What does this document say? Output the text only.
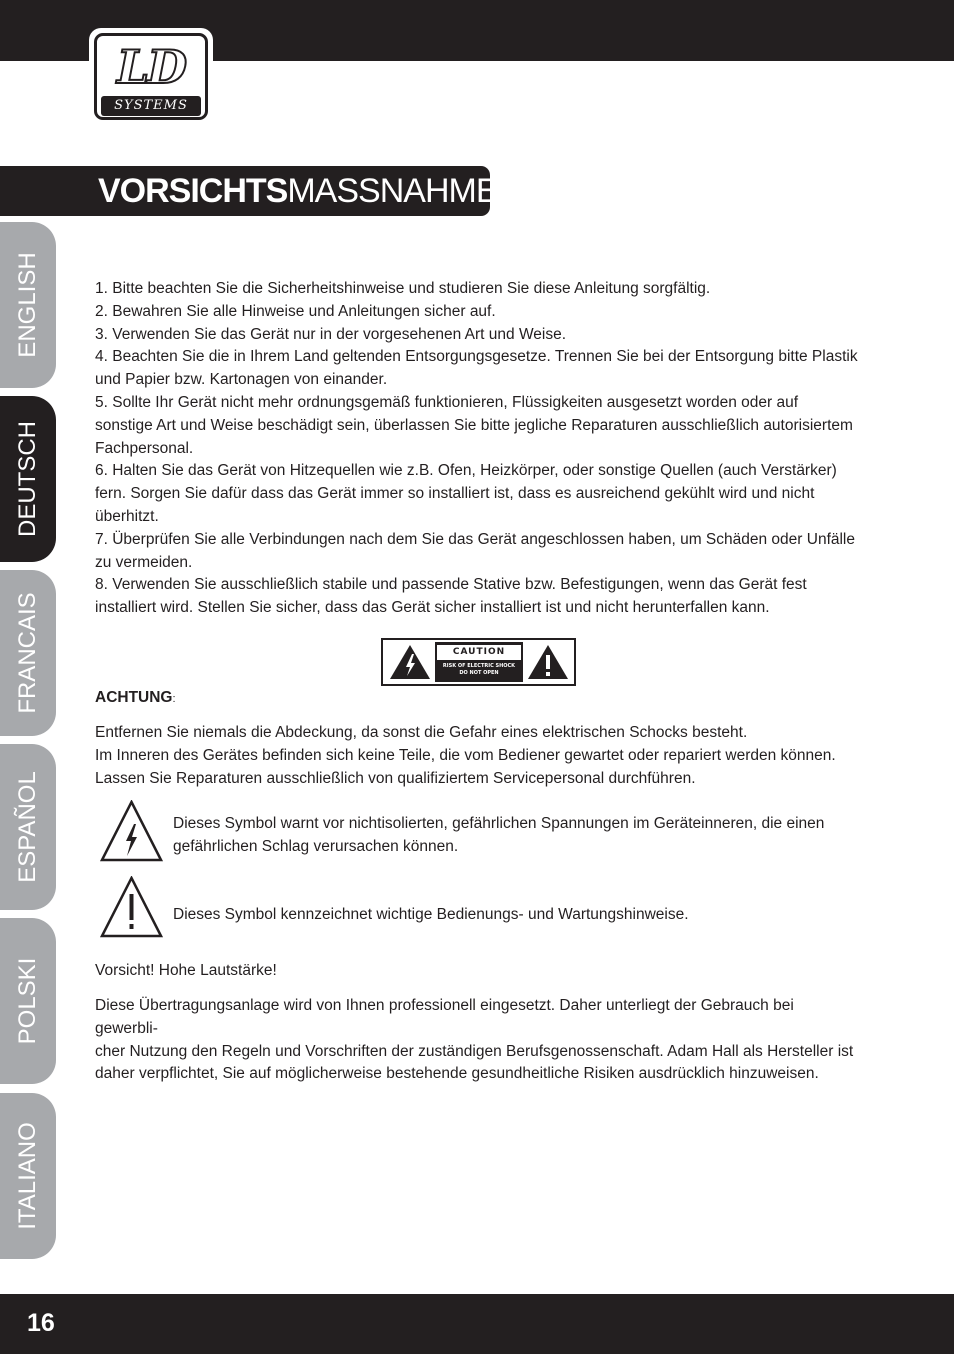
LD
SYSTEMS
VORSICHTSMASSNAHMEN:
ENGLISH
DEUTSCH
FRANCAIS
ESPAÑOL
POLSKI
ITALIANO

1. Bitte beachten Sie die Sicherheitshinweise und studieren Sie diese Anleitung sorgfältig.

2. Bewahren Sie alle Hinweise und Anleitungen sicher auf.

3. Verwenden Sie das Gerät nur in der vorgesehenen Art und Weise.

4. Beachten Sie die in Ihrem Land geltenden Entsorgungsgesetze. Trennen Sie bei der Entsorgung bitte Plastik und Papier bzw. Kartonagen von einander.

5. Sollte Ihr Gerät nicht mehr ordnungsgemäß funktionieren, Flüssigkeiten ausgesetzt worden oder auf sonstige Art und Weise beschädigt sein, überlassen Sie bitte jegliche Reparaturen ausschließlich autorisiertem Fachpersonal.

6. Halten Sie das Gerät von Hitzequellen wie z.B. Ofen, Heizkörper, oder sonstige Quellen (auch Verstärker) fern. Sorgen Sie dafür dass das Gerät immer so installiert ist, dass es ausreichend gekühlt wird und nicht überhitzt.

7. Überprüfen Sie alle Verbindungen nach dem Sie das Gerät angeschlossen haben, um Schäden oder Unfälle zu vermeiden.

8. Verwenden Sie ausschließlich stabile und passende Stative bzw. Befestigungen, wenn das Gerät fest installiert wird. Stellen Sie sicher, dass das Gerät sicher installiert ist und nicht herunterfallen kann.

CAUTION
RISK OF ELECTRIC SHOCK
DO NOT OPEN
ACHTUNG:

Entfernen Sie niemals die Abdeckung, da sonst die Gefahr eines elektrischen Schocks besteht.

Im Inneren des Gerätes befinden sich keine Teile, die vom Bediener gewartet oder repariert werden können.

Lassen Sie Reparaturen ausschließlich von qualifiziertem Servicepersonal durchführen.

Dieses Symbol warnt vor nichtisolierten, gefährlichen Spannungen im Geräteinneren, die einen gefährlichen Schlag verursachen können.

Dieses Symbol kennzeichnet wichtige Bedienungs- und Wartungshinweise.

Vorsicht! Hohe Lautstärke!

Diese Übertragungsanlage wird von Ihnen professionell eingesetzt. Daher unterliegt der Gebrauch bei gewerbli-

cher Nutzung den Regeln und Vorschriften der zuständigen Berufsgenossenschaft. Adam Hall als Hersteller ist

daher verpflichtet, Sie auf möglicherweise bestehende gesundheitliche Risiken ausdrücklich hinzuweisen.

16
